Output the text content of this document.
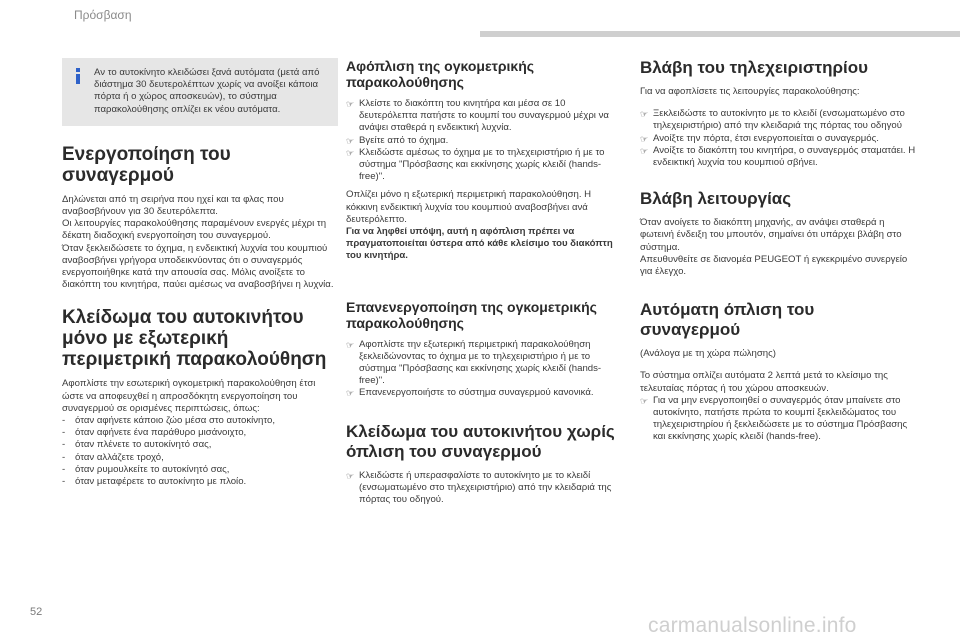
Πρόσβαση
Αν το αυτοκίνητο κλειδώσει ξανά αυτόματα (μετά από διάστημα 30 δευτερολέπτων χωρίς να ανοίξει κάποια πόρτα ή ο χώρος αποσκευών), το σύστημα παρακολούθησης οπλίζει εκ νέου αυτόματα.
Ενεργοποίηση του συναγερμού

Δηλώνεται από τη σειρήνα που ηχεί και τα φλας που αναβοσβήνουν για 30 δευτερόλεπτα.

Οι λειτουργίες παρακολούθησης παραμένουν ενεργές μέχρι τη δέκατη διαδοχική ενεργοποίηση του συναγερμού.

Όταν ξεκλειδώσετε το όχημα, η ενδεικτική λυχνία του κουμπιού αναβοσβήνει γρήγορα υποδεικνύοντας ότι ο συναγερμός ενεργοποιήθηκε κατά την απουσία σας. Μόλις ανοίξετε το διακόπτη του κινητήρα, παύει αμέσως να αναβοσβήνει η λυχνία.

Κλείδωμα του αυτοκινήτου μόνο με εξωτερική περιμετρική παρακολούθηση

Αφοπλίστε την εσωτερική ογκομετρική παρακολούθηση έτσι ώστε να αποφευχθεί η απροσδόκητη ενεργοποίηση του συναγερμού σε ορισμένες περιπτώσεις, όπως:

- όταν αφήνετε κάποιο ζώο μέσα στο αυτοκίνητο,
- όταν αφήνετε ένα παράθυρο μισάνοιχτο,
- όταν πλένετε το αυτοκίνητό σας,
- όταν αλλάζετε τροχό,
- όταν ρυμουλκείτε το αυτοκίνητό σας,
- όταν μεταφέρετε το αυτοκίνητο με πλοίο.
Αφόπλιση της ογκομετρικής παρακολούθησης
☞ Κλείστε το διακόπτη του κινητήρα και μέσα σε 10 δευτερόλεπτα πατήστε το κουμπί του συναγερμού μέχρι να ανάψει σταθερά η ενδεικτική λυχνία.
☞ Βγείτε από το όχημα.
☞ Κλειδώστε αμέσως το όχημα με το τηλεχειριστήριο ή με το σύστημα "Πρόσβασης και εκκίνησης χωρίς κλειδί (hands-free)".

Οπλίζει μόνο η εξωτερική περιμετρική παρακολούθηση. Η κόκκινη ενδεικτική λυχνία του κουμπιού αναβοσβήνει ανά δευτερόλεπτο.

Για να ληφθεί υπόψη, αυτή η αφόπλιση πρέπει να πραγματοποιείται ύστερα από κάθε κλείσιμο του διακόπτη του κινητήρα.

Επανενεργοποίηση της ογκομετρικής παρακολούθησης
☞ Αφοπλίστε την εξωτερική περιμετρική παρακολούθηση ξεκλειδώνοντας το όχημα με το τηλεχειριστήριο ή με το σύστημα "Πρόσβασης και εκκίνησης χωρίς κλειδί (hands-free)".
☞ Επανενεργοποιήστε το σύστημα συναγερμού κανονικά.
Κλείδωμα του αυτοκινήτου χωρίς όπλιση του συναγερμού
☞ Κλειδώστε ή υπερασφαλίστε το αυτοκίνητο με το κλειδί (ενσωματωμένο στο τηλεχειριστήριο) από την κλειδαριά της πόρτας του οδηγού.
Βλάβη του τηλεχειριστηρίου

Για να αφοπλίσετε τις λειτουργίες παρακολούθησης:

☞ Ξεκλειδώστε το αυτοκίνητο με το κλειδί (ενσωματωμένο στο τηλεχειριστήριο) από την κλειδαριά της πόρτας του οδηγού
☞ Ανοίξτε την πόρτα, έτσι ενεργοποιείται ο συναγερμός.
☞ Ανοίξτε το διακόπτη του κινητήρα, ο συναγερμός σταματάει. Η ενδεικτική λυχνία του κουμπιού σβήνει.
Βλάβη λειτουργίας

Όταν ανοίγετε το διακόπτη μηχανής, αν ανάψει σταθερά η φωτεινή ένδειξη του μπουτόν, σημαίνει ότι υπάρχει βλάβη στο σύστημα.

Απευθυνθείτε σε διανομέα PEUGEOT ή εγκεκριμένο συνεργείο για έλεγχο.

Αυτόματη όπλιση του συναγερμού

(Ανάλογα με τη χώρα πώλησης)

Το σύστημα οπλίζει αυτόματα 2 λεπτά μετά το κλείσιμο της τελευταίας πόρτας ή του χώρου αποσκευών.

☞ Για να μην ενεργοποιηθεί ο συναγερμός όταν μπαίνετε στο αυτοκίνητο, πατήστε πρώτα το κουμπί ξεκλειδώματος του τηλεχειριστηρίου ή ξεκλειδώσετε με το σύστημα Πρόσβασης και εκκίνησης χωρίς κλειδί (hands-free).
52
carmanualsonline.info
